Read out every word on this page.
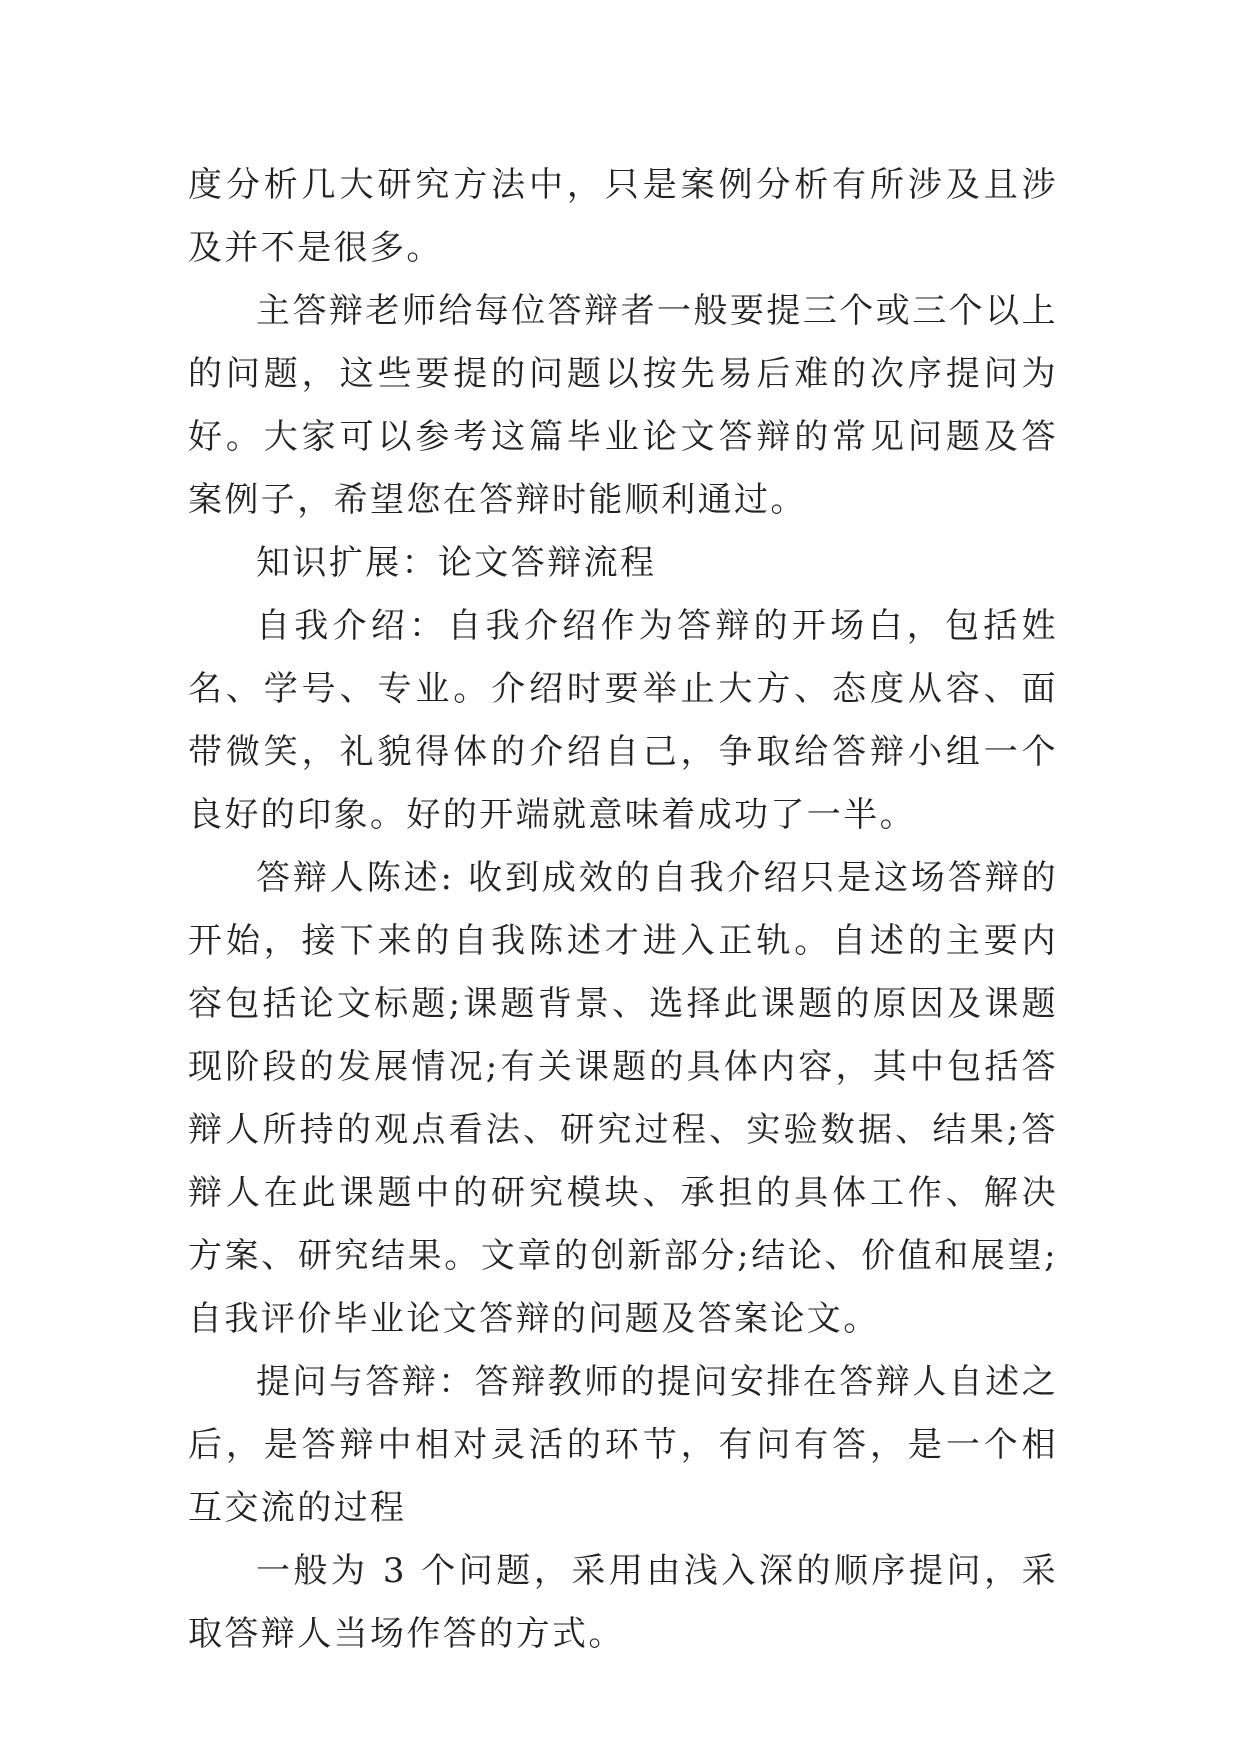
度分析几大研究方法中，只是案例分析有所涉及且涉及并不是很多。

主答辩老师给每位答辩者一般要提三个或三个以上的问题，这些要提的问题以按先易后难的次序提问为好。大家可以参考这篇毕业论文答辩的常见问题及答案例子，希望您在答辩时能顺利通过。

知识扩展：论文答辩流程

自我介绍：自我介绍作为答辩的开场白，包括姓名、学号、专业。介绍时要举止大方、态度从容、面带微笑，礼貌得体的介绍自己，争取给答辩小组一个良好的印象。好的开端就意味着成功了一半。

答辩人陈述: 收到成效的自我介绍只是这场答辩的开始，接下来的自我陈述才进入正轨。自述的主要内容包括论文标题;课题背景、选择此课题的原因及课题现阶段的发展情况;有关课题的具体内容，其中包括答辩人所持的观点看法、研究过程、实验数据、结果;答辩人在此课题中的研究模块、承担的具体工作、解决方案、研究结果。文章的创新部分;结论、价值和展望;自我评价毕业论文答辩的问题及答案论文。

提问与答辩：答辩教师的提问安排在答辩人自述之后，是答辩中相对灵活的环节，有问有答，是一个相互交流的过程

一般为 3 个问题，采用由浅入深的顺序提问，采取答辩人当场作答的方式。
